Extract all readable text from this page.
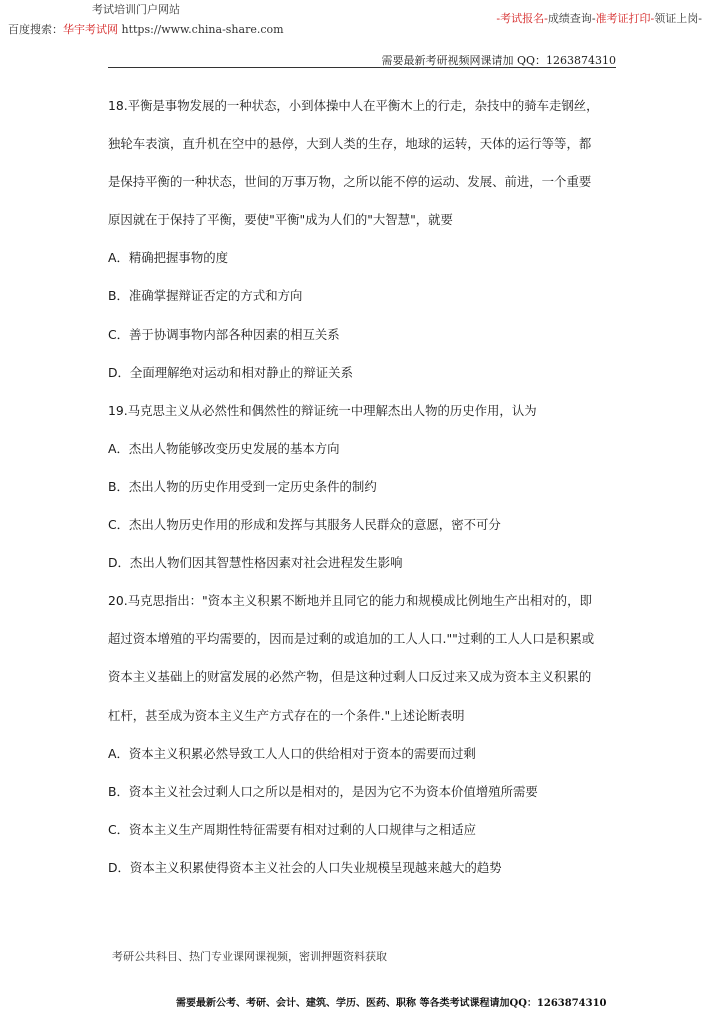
考试培训门户网站
百度搜索：华宇考试网 https://www.china-share.com
-考试报名-成绩查询-准考证打印-领证上岗-
需要最新考研视频网课请加 QQ：1263874310
18.平衡是事物发展的一种状态，小到体操中人在平衡木上的行走，杂技中的骑车走钢丝，
独轮车表演，直升机在空中的悬停，大到人类的生存，地球的运转，天体的运行等等，都
是保持平衡的一种状态，世间的万事万物，之所以能不停的运动、发展、前进，一个重要
原因就在于保持了平衡，要使"平衡"成为人们的"大智慧"，就要
A．精确把握事物的度
B．准确掌握辩证否定的方式和方向
C．善于协调事物内部各种因素的相互关系
D．全面理解绝对运动和相对静止的辩证关系
19.马克思主义从必然性和偶然性的辩证统一中理解杰出人物的历史作用，认为
A．杰出人物能够改变历史发展的基本方向
B．杰出人物的历史作用受到一定历史条件的制约
C．杰出人物历史作用的形成和发挥与其服务人民群众的意愿，密不可分
D．杰出人物们因其智慧性格因素对社会进程发生影响
20.马克思指出："资本主义积累不断地并且同它的能力和规模成比例地生产出相对的，即
超过资本增殖的平均需要的，因而是过剩的或追加的工人人口.""过剩的工人人口是积累或
资本主义基础上的财富发展的必然产物，但是这种过剩人口反过来又成为资本主义积累的
杠杆，甚至成为资本主义生产方式存在的一个条件."上述论断表明
A．资本主义积累必然导致工人人口的供给相对于资本的需要而过剩
B．资本主义社会过剩人口之所以是相对的，是因为它不为资本价值增殖所需要
C．资本主义生产周期性特征需要有相对过剩的人口规律与之相适应
D．资本主义积累使得资本主义社会的人口失业规模呈现越来越大的趋势
考研公共科目、热门专业课网课视频，密训押题资料获取
需要最新公考、考研、会计、建筑、学历、医药、职称 等各类考试课程请加QQ：1263874310
